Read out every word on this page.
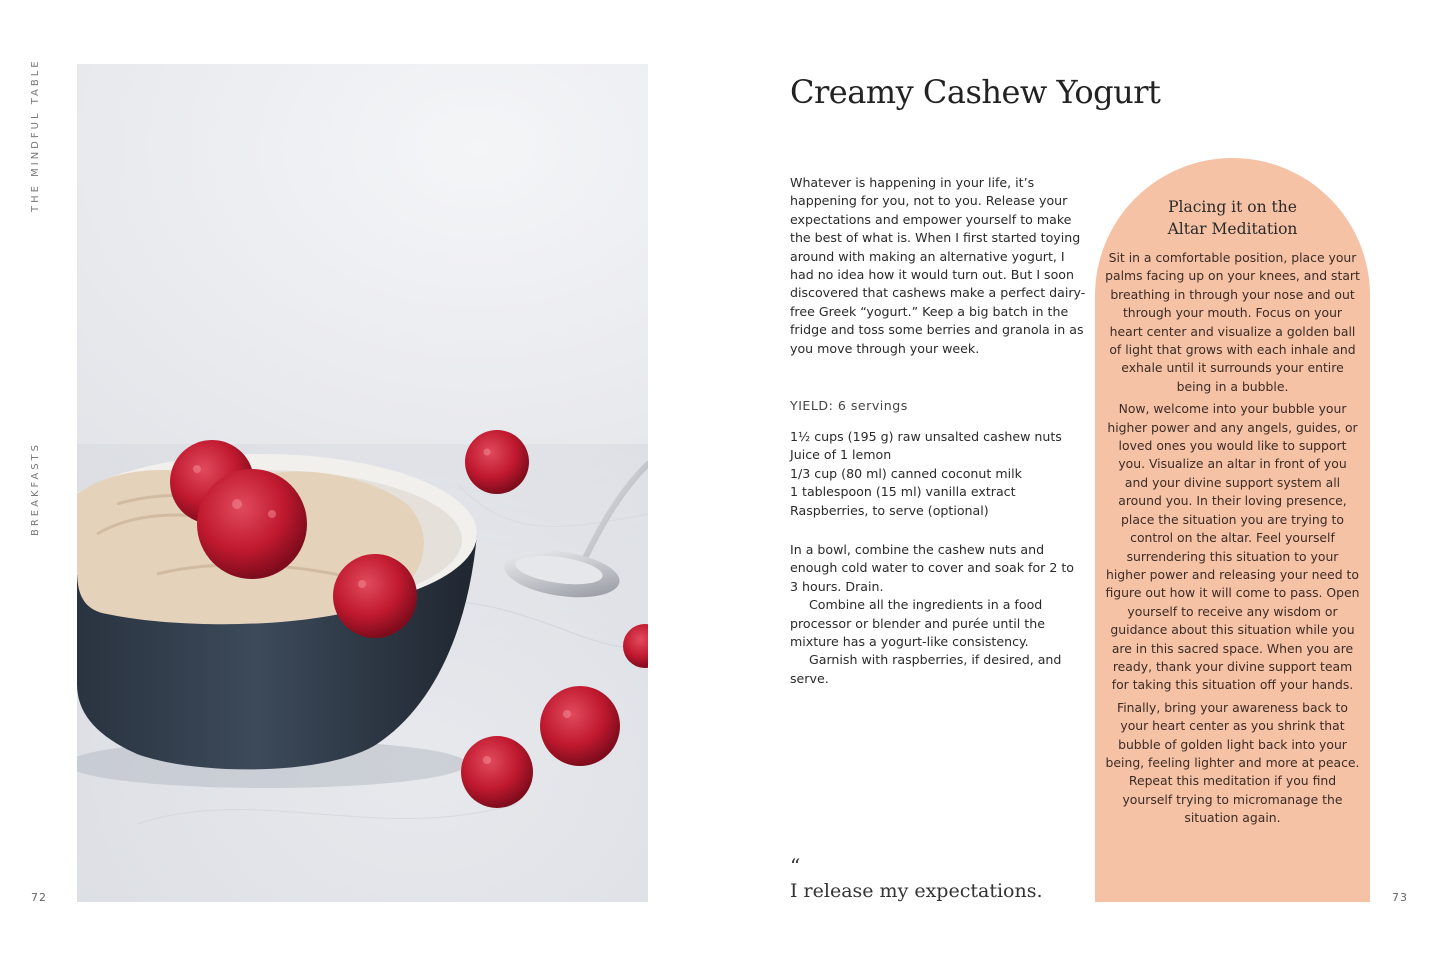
THE MINDFUL TABLE
BREAKFASTS
72
Creamy Cashew Yogurt
Whatever is happening in your life, it’s happening for you, not to you. Release your expectations and empower yourself to make the best of what is. When I first started toying around with making an alternative yogurt, I had no idea how it would turn out. But I soon discovered that cashews make a perfect dairy-free Greek “yogurt.” Keep a big batch in the fridge and toss some berries and granola in as you move through your week.
YIELD: 6 servings
1½ cups (195 g) raw unsalted cashew nuts
Juice of 1 lemon
1/3 cup (80 ml) canned coconut milk
1 tablespoon (15 ml) vanilla extract
Raspberries, to serve (optional)

In a bowl, combine the cashew nuts and enough cold water to cover and soak for 2 to 3 hours. Drain.

Combine all the ingredients in a food processor or blender and purée until the mixture has a yogurt-like consistency.

Garnish with raspberries, if desired, and serve.

“
I release my expectations.
Placing it on the
Altar Meditation

Sit in a comfortable position, place your palms facing up on your knees, and start breathing in through your nose and out through your mouth. Focus on your heart center and visualize a golden ball of light that grows with each inhale and exhale until it surrounds your entire being in a bubble.

Now, welcome into your bubble your higher power and any angels, guides, or loved ones you would like to support you. Visualize an altar in front of you and your divine support system all around you. In their loving presence, place the situation you are trying to control on the altar. Feel yourself surrendering this situation to your higher power and releasing your need to figure out how it will come to pass. Open yourself to receive any wisdom or guidance about this situation while you are in this sacred space. When you are ready, thank your divine support team for taking this situation off your hands.

Finally, bring your awareness back to your heart center as you shrink that bubble of golden light back into your being, feeling lighter and more at peace. Repeat this meditation if you find yourself trying to micromanage the situation again.

73
